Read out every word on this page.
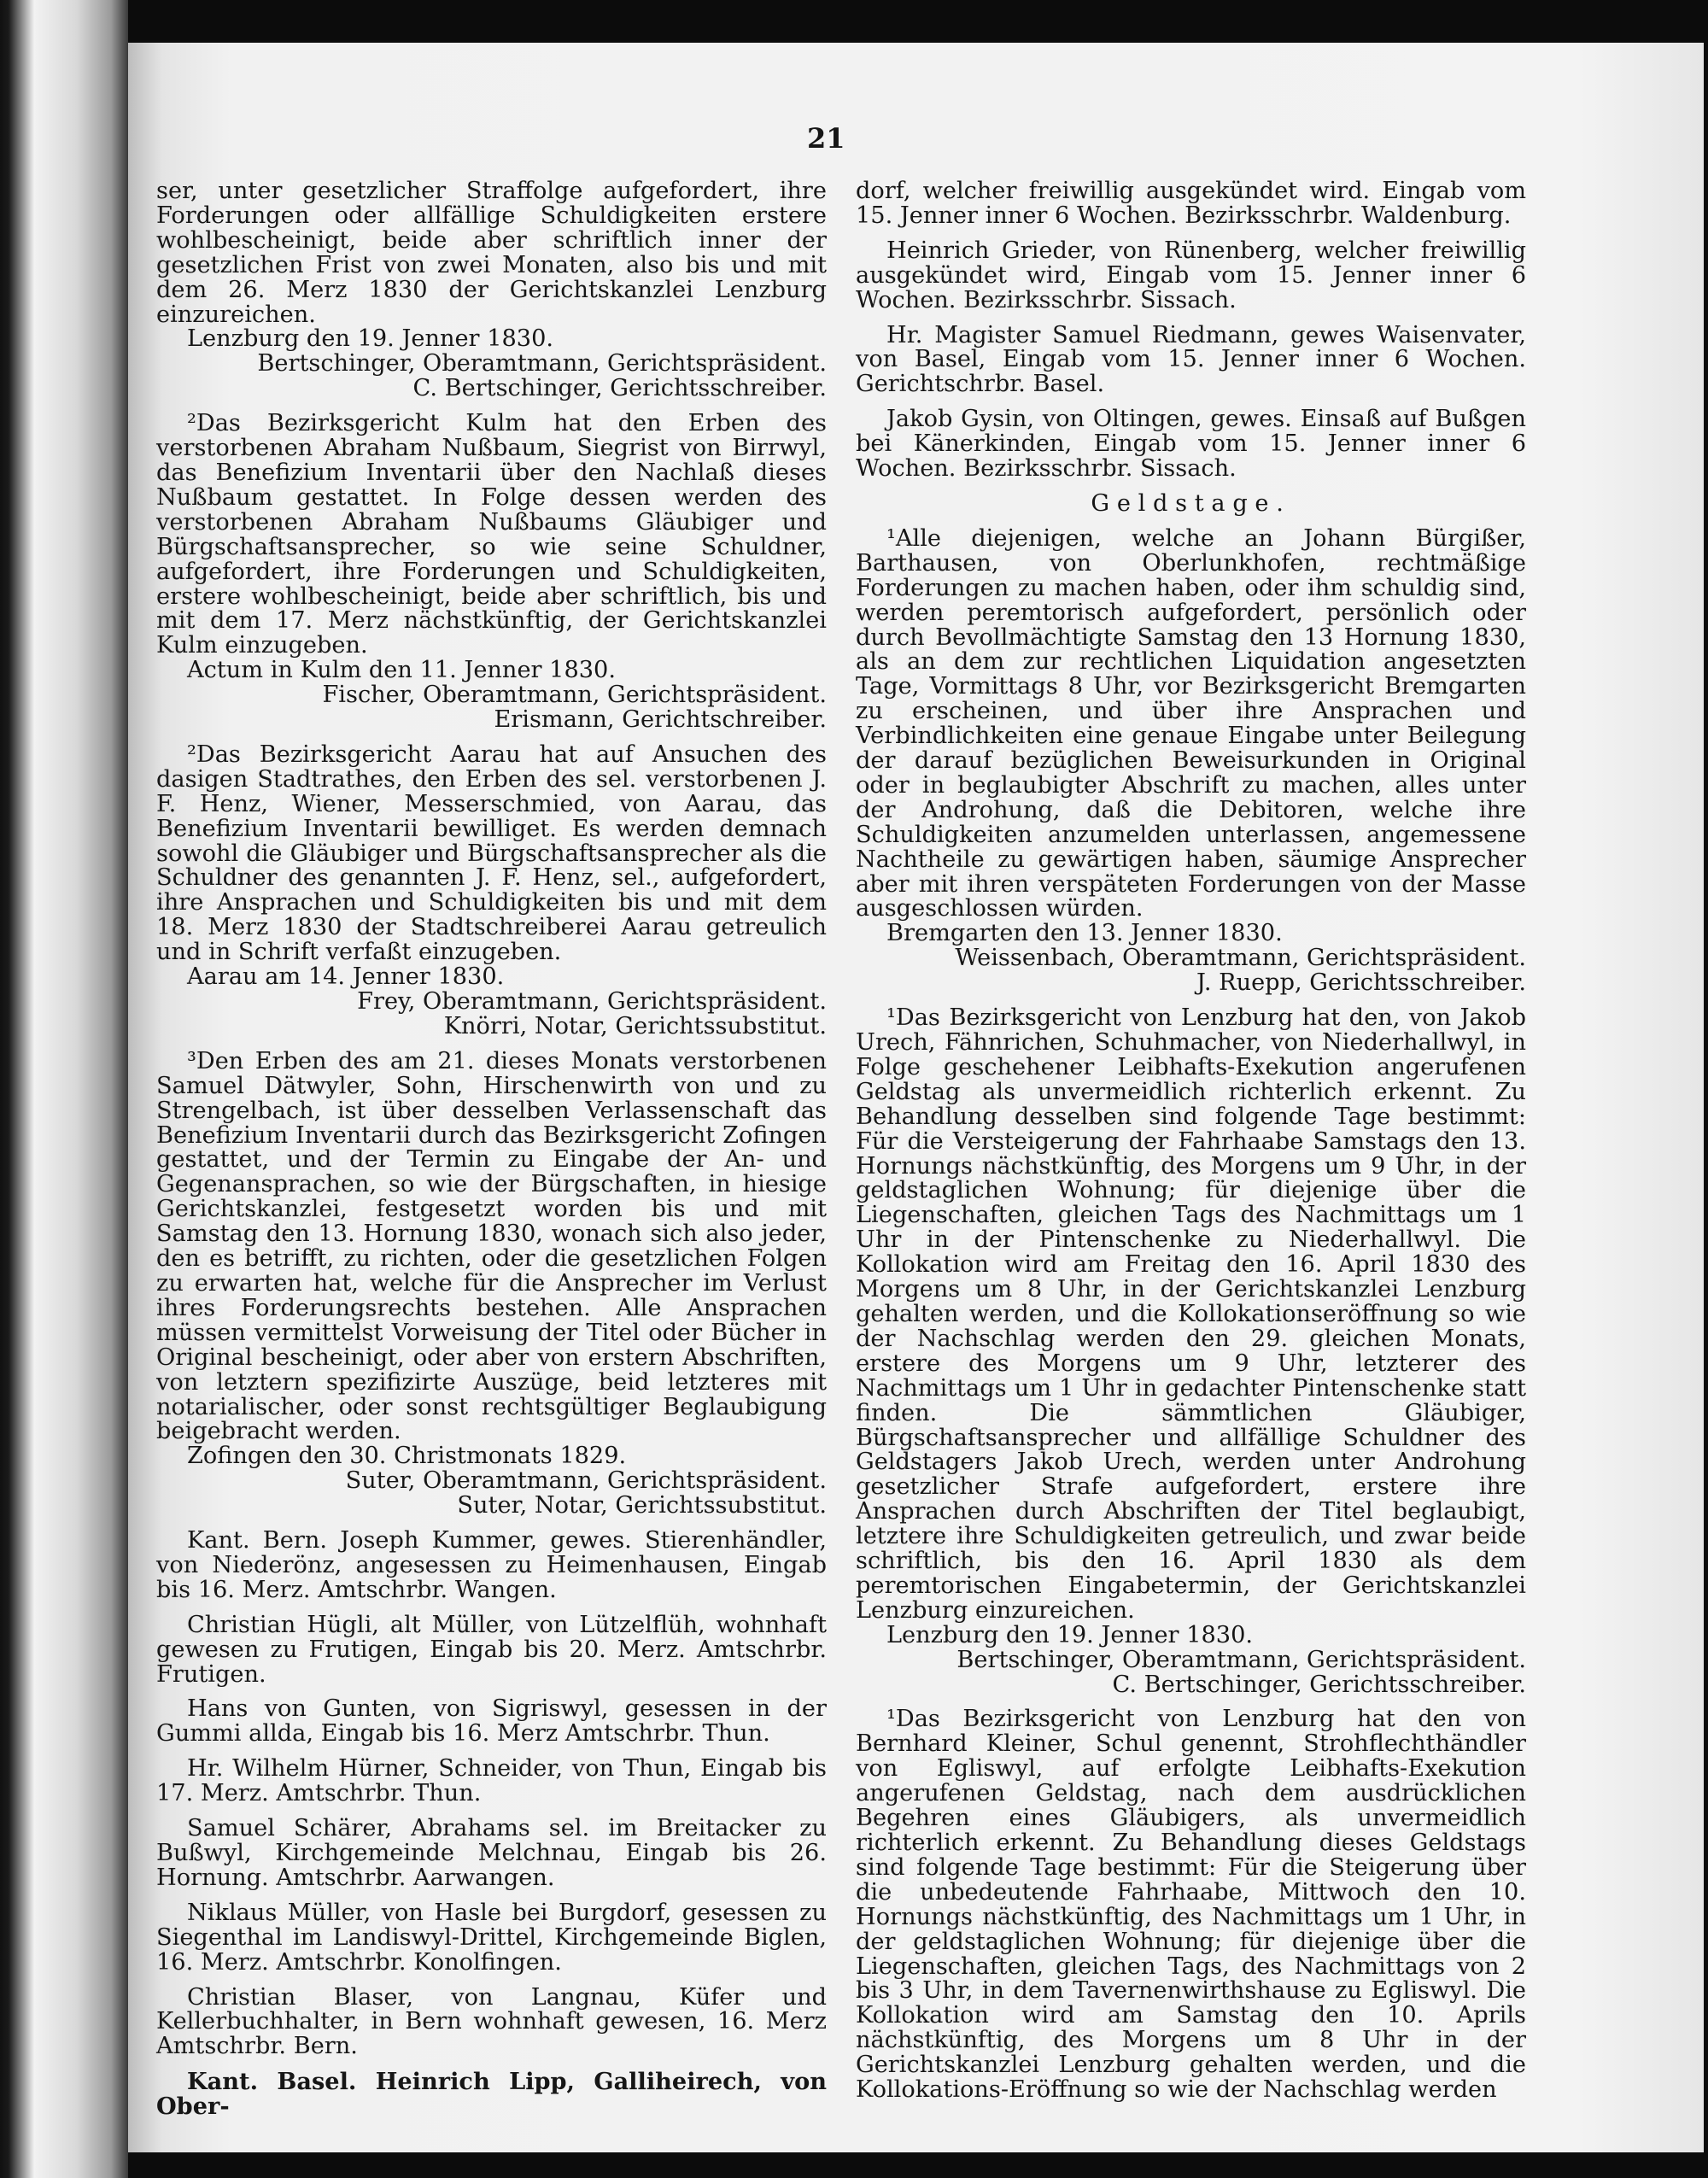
21

ser, unter gesetzlicher Straffolge aufgefordert, ihre Forderungen oder allfällige Schuldigkeiten erstere wohlbescheinigt, beide aber schriftlich inner der gesetzlichen Frist von zwei Monaten, also bis und mit dem 26. Merz 1830 der Gerichtskanzlei Lenzburg einzureichen.

Lenzburg den 19. Jenner 1830.

Bertschinger, Oberamtmann, Gerichtspräsident.

C. Bertschinger, Gerichtsschreiber.

²Das Bezirksgericht Kulm hat den Erben des verstorbenen Abraham Nußbaum, Siegrist von Birrwyl, das Benefizium Inventarii über den Nachlaß dieses Nußbaum gestattet. In Folge dessen werden des verstorbenen Abraham Nußbaums Gläubiger und Bürgschaftsansprecher, so wie seine Schuldner, aufgefordert, ihre Forderungen und Schuldigkeiten, erstere wohlbescheinigt, beide aber schriftlich, bis und mit dem 17. Merz nächstkünftig, der Gerichtskanzlei Kulm einzugeben.

Actum in Kulm den 11. Jenner 1830.

Fischer, Oberamtmann, Gerichtspräsident.

Erismann, Gerichtschreiber.

²Das Bezirksgericht Aarau hat auf Ansuchen des dasigen Stadtrathes, den Erben des sel. verstorbenen J. F. Henz, Wiener, Messerschmied, von Aarau, das Benefizium Inventarii bewilliget. Es werden demnach sowohl die Gläubiger und Bürgschaftsansprecher als die Schuldner des genannten J. F. Henz, sel., aufgefordert, ihre Ansprachen und Schuldigkeiten bis und mit dem 18. Merz 1830 der Stadtschreiberei Aarau getreulich und in Schrift verfaßt einzugeben.

Aarau am 14. Jenner 1830.

Frey, Oberamtmann, Gerichtspräsident.

Knörri, Notar, Gerichtssubstitut.

³Den Erben des am 21. dieses Monats verstorbenen Samuel Dätwyler, Sohn, Hirschenwirth von und zu Strengelbach, ist über desselben Verlassenschaft das Benefizium Inventarii durch das Bezirksgericht Zofingen gestattet, und der Termin zu Eingabe der An- und Gegenansprachen, so wie der Bürgschaften, in hiesige Gerichtskanzlei, festgesetzt worden bis und mit Samstag den 13. Hornung 1830, wonach sich also jeder, den es betrifft, zu richten, oder die gesetzlichen Folgen zu erwarten hat, welche für die Ansprecher im Verlust ihres Forderungsrechts bestehen. Alle Ansprachen müssen vermittelst Vorweisung der Titel oder Bücher in Original bescheinigt, oder aber von erstern Abschriften, von letztern spezifizirte Auszüge, beid letzteres mit notarialischer, oder sonst rechtsgültiger Beglaubigung beigebracht werden.

Zofingen den 30. Christmonats 1829.

Suter, Oberamtmann, Gerichtspräsident.

Suter, Notar, Gerichtssubstitut.

Kant. Bern. Joseph Kummer, gewes. Stierenhändler, von Niederönz, angesessen zu Heimenhausen, Eingab bis 16. Merz. Amtschrbr. Wangen.

Christian Hügli, alt Müller, von Lützelflüh, wohnhaft gewesen zu Frutigen, Eingab bis 20. Merz. Amtschrbr. Frutigen.

Hans von Gunten, von Sigriswyl, gesessen in der Gummi allda, Eingab bis 16. Merz Amtschrbr. Thun.

Hr. Wilhelm Hürner, Schneider, von Thun, Eingab bis 17. Merz. Amtschrbr. Thun.

Samuel Schärer, Abrahams sel. im Breitacker zu Bußwyl, Kirchgemeinde Melchnau, Eingab bis 26. Hornung. Amtschrbr. Aarwangen.

Niklaus Müller, von Hasle bei Burgdorf, gesessen zu Siegenthal im Landiswyl-Drittel, Kirchgemeinde Biglen, 16. Merz. Amtschrbr. Konolfingen.

Christian Blaser, von Langnau, Küfer und Kellerbuchhalter, in Bern wohnhaft gewesen, 16. Merz Amtschrbr. Bern.

Kant. Basel. Heinrich Lipp, Galliheirech, von Ober-

dorf, welcher freiwillig ausgekündet wird. Eingab vom 15. Jenner inner 6 Wochen. Bezirksschrbr. Waldenburg.

Heinrich Grieder, von Rünenberg, welcher freiwillig ausgekündet wird, Eingab vom 15. Jenner inner 6 Wochen. Bezirksschrbr. Sissach.

Hr. Magister Samuel Riedmann, gewes Waisenvater, von Basel, Eingab vom 15. Jenner inner 6 Wochen. Gerichtschrbr. Basel.

Jakob Gysin, von Oltingen, gewes. Einsaß auf Bußgen bei Känerkinden, Eingab vom 15. Jenner inner 6 Wochen. Bezirksschrbr. Sissach.

Geldstage.

¹Alle diejenigen, welche an Johann Bürgißer, Barthausen, von Oberlunkhofen, rechtmäßige Forderungen zu machen haben, oder ihm schuldig sind, werden peremtorisch aufgefordert, persönlich oder durch Bevollmächtigte Samstag den 13 Hornung 1830, als an dem zur rechtlichen Liquidation angesetzten Tage, Vormittags 8 Uhr, vor Bezirksgericht Bremgarten zu erscheinen, und über ihre Ansprachen und Verbindlichkeiten eine genaue Eingabe unter Beilegung der darauf bezüglichen Beweisurkunden in Original oder in beglaubigter Abschrift zu machen, alles unter der Androhung, daß die Debitoren, welche ihre Schuldigkeiten anzumelden unterlassen, angemessene Nachtheile zu gewärtigen haben, säumige Ansprecher aber mit ihren verspäteten Forderungen von der Masse ausgeschlossen würden.

Bremgarten den 13. Jenner 1830.

Weissenbach, Oberamtmann, Gerichtspräsident.

J. Ruepp, Gerichtsschreiber.

¹Das Bezirksgericht von Lenzburg hat den, von Jakob Urech, Fähnrichen, Schuhmacher, von Niederhallwyl, in Folge geschehener Leibhafts-Exekution angerufenen Geldstag als unvermeidlich richterlich erkennt. Zu Behandlung desselben sind folgende Tage bestimmt: Für die Versteigerung der Fahrhaabe Samstags den 13. Hornungs nächstkünftig, des Morgens um 9 Uhr, in der geldstaglichen Wohnung; für diejenige über die Liegenschaften, gleichen Tags des Nachmittags um 1 Uhr in der Pintenschenke zu Niederhallwyl. Die Kollokation wird am Freitag den 16. April 1830 des Morgens um 8 Uhr, in der Gerichtskanzlei Lenzburg gehalten werden, und die Kollokationseröffnung so wie der Nachschlag werden den 29. gleichen Monats, erstere des Morgens um 9 Uhr, letzterer des Nachmittags um 1 Uhr in gedachter Pintenschenke statt finden. Die sämmtlichen Gläubiger, Bürgschaftsansprecher und allfällige Schuldner des Geldstagers Jakob Urech, werden unter Androhung gesetzlicher Strafe aufgefordert, erstere ihre Ansprachen durch Abschriften der Titel beglaubigt, letztere ihre Schuldigkeiten getreulich, und zwar beide schriftlich, bis den 16. April 1830 als dem peremtorischen Eingabetermin, der Gerichtskanzlei Lenzburg einzureichen.

Lenzburg den 19. Jenner 1830.

Bertschinger, Oberamtmann, Gerichtspräsident.

C. Bertschinger, Gerichtsschreiber.

¹Das Bezirksgericht von Lenzburg hat den von Bernhard Kleiner, Schul genennt, Strohflechthändler von Egliswyl, auf erfolgte Leibhafts-Exekution angerufenen Geldstag, nach dem ausdrücklichen Begehren eines Gläubigers, als unvermeidlich richterlich erkennt. Zu Behandlung dieses Geldstags sind folgende Tage bestimmt: Für die Steigerung über die unbedeutende Fahrhaabe, Mittwoch den 10. Hornungs nächstkünftig, des Nachmittags um 1 Uhr, in der geldstaglichen Wohnung; für diejenige über die Liegenschaften, gleichen Tags, des Nachmittags von 2 bis 3 Uhr, in dem Tavernenwirthshause zu Egliswyl. Die Kollokation wird am Samstag den 10. Aprils nächstkünftig, des Morgens um 8 Uhr in der Gerichtskanzlei Lenzburg gehalten werden, und die Kollokations-Eröffnung so wie der Nachschlag werden
